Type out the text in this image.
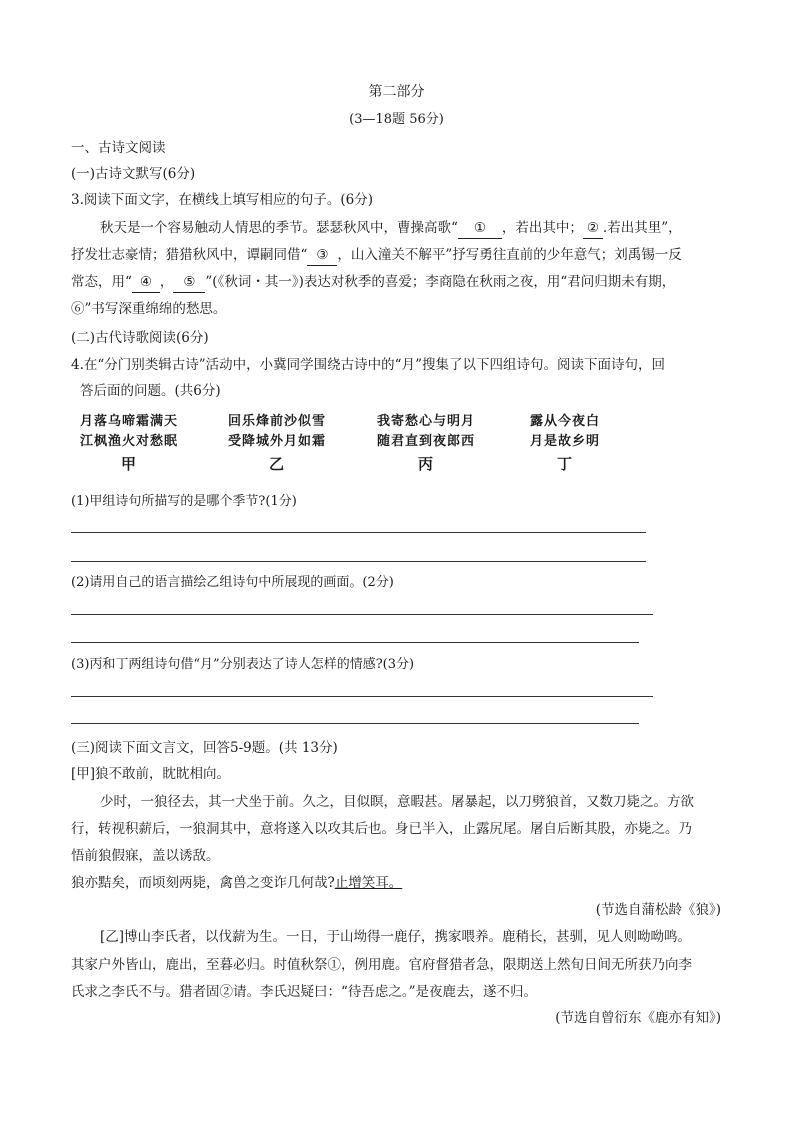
第二部分
(3—18题 56分)
一、古诗文阅读
(一)古诗文默写(6分)
3.阅读下面文字，在横线上填写相应的句子。(6分)
秋天是一个容易触动人情思的季节。瑟瑟秋风中，曹操高歌“ ① ，若出其中； ② .若出其里”，
抒发壮志豪情；猎猎秋风中，谭嗣同借“ ③ ，山入潼关不解平”抒写勇往直前的少年意气；刘禹锡一反
常态，用“ ④ ， ⑤ ”(《秋词・其一》)表达对秋季的喜爱；李商隐在秋雨之夜，用“君问归期未有期，
⑥”书写深重绵绵的愁思。
(二)古代诗歌阅读(6分)
4.在“分门别类辑古诗”活动中，小冀同学围绕古诗中的“月”搜集了以下四组诗句。阅读下面诗句，回
答后面的问题。(共6分)
月落乌啼霜满天
江枫渔火对愁眠
甲
回乐烽前沙似雪
受降城外月如霜
乙
我寄愁心与明月
随君直到夜郎西
丙
露从今夜白
月是故乡明
丁
(1)甲组诗句所描写的是哪个季节?(1分)
(2)请用自己的语言描绘乙组诗句中所展现的画面。(2分)
(3)丙和丁两组诗句借“月”分别表达了诗人怎样的情感?(3分)
(三)阅读下面文言文，回答5-9题。(共 13分)
[甲]狼不敢前，眈眈相向。
少时，一狼径去，其一犬坐于前。久之，目似瞑，意暇甚。屠暴起，以刀劈狼首，又数刀毙之。方欲
行，转视积薪后，一狼洞其中，意将遂入以攻其后也。身已半入，止露尻尾。屠自后断其股，亦毙之。乃
悟前狼假寐，盖以诱敌。
狼亦黠矣，而顷刻两毙，禽兽之变诈几何哉?止增笑耳。
(节选自蒲松龄《狼》)
[乙]博山李氏者，以伐薪为生。一日，于山坳得一鹿仔，携家喂养。鹿稍长，甚驯，见人则呦呦鸣。
其家户外皆山，鹿出，至暮必归。时值秋祭①，例用鹿。官府督猎者急，限期送上然旬日间无所获乃向李
氏求之李氏不与。猎者固②请。李氏迟疑曰：“待吾虑之。”是夜鹿去，遂不归。
(节选自曾衍东《鹿亦有知》)
